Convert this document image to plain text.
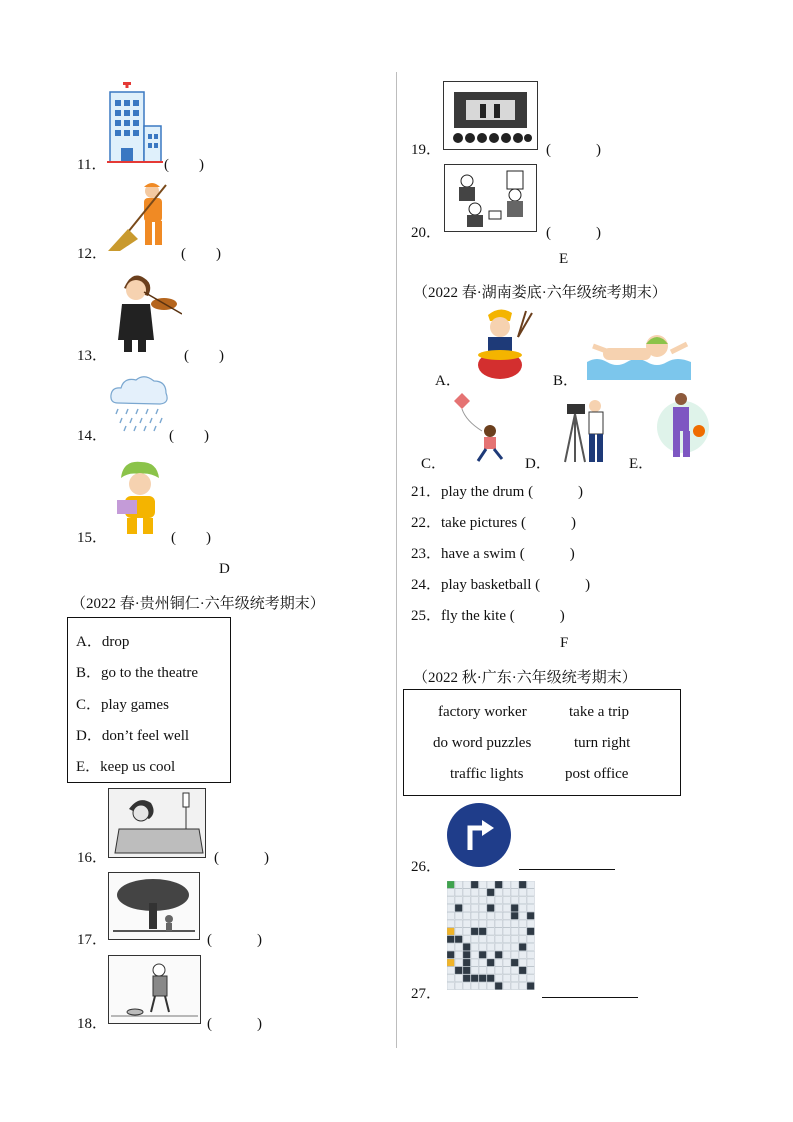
11．	(　　)
12．	(　　)
13．	(　　)
14．	(　　)
15．	(　　)
D
（2022 春·贵州铜仁·六年级统考期末）
A．drop
B．go to the theatre
C．play games
D．don’t feel well
E．keep us cool
16．	(　　　)
17．	(　　　)
18．	(　　　)
19．	(　　　)
20．	(　　　)
E
（2022 春·湖南娄底·六年级统考期末）
A．	B．
C．	D．	E．
21．play the drum (　　　)
22．take pictures (　　　)
23．have a swim (　　　)
24．play basketball (　　　)
25．fly the kite (　　　)
F
（2022 秋·广东·六年级统考期末）
factory worker	take a trip
do word puzzles	turn right
traffic lights	post office
26．
27．
